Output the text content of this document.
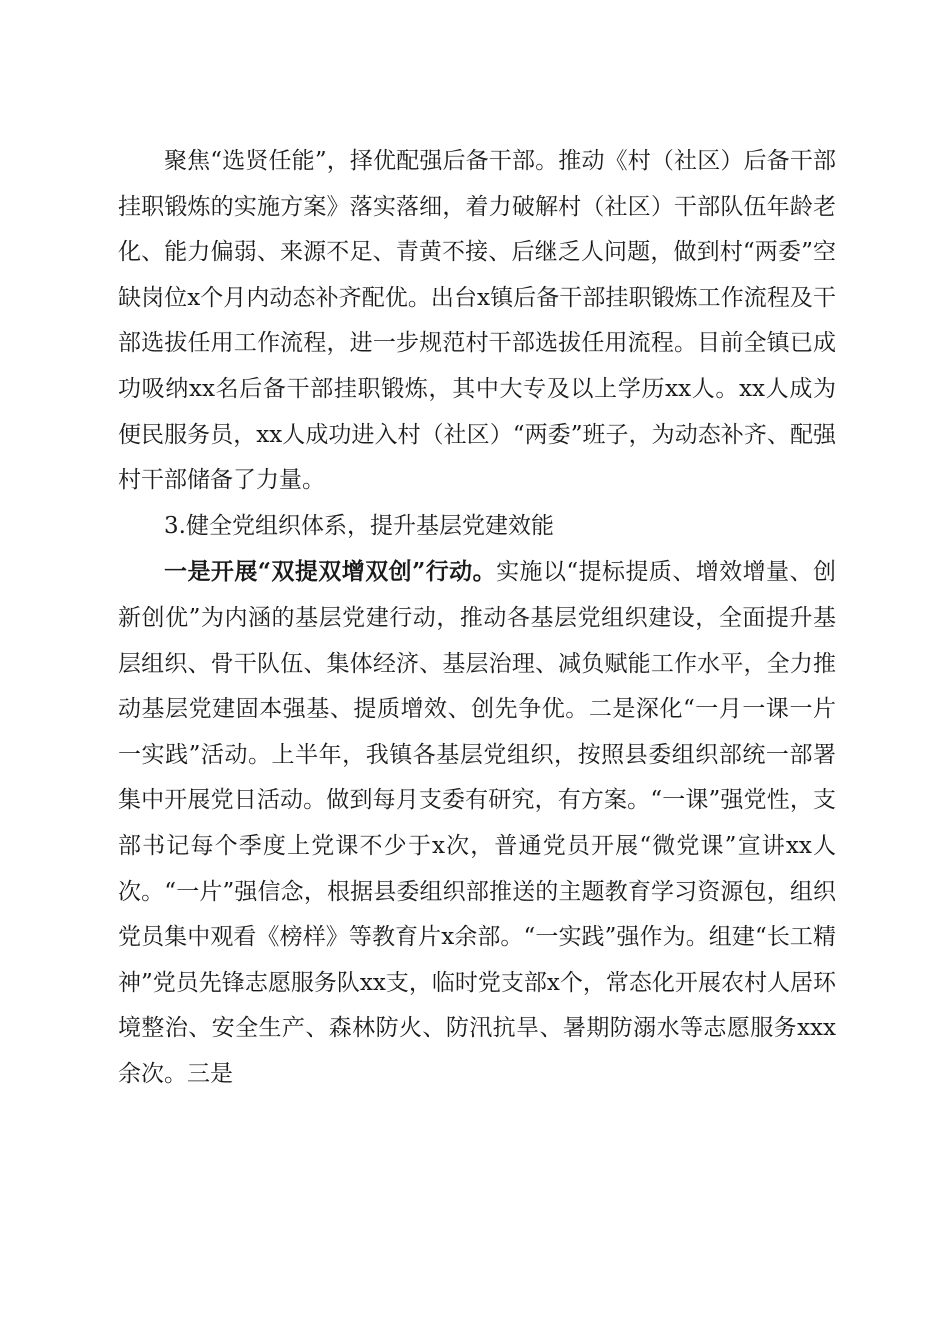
聚焦“选贤任能”，择优配强后备干部。推动《村（社区）后备干部挂职锻炼的实施方案》落实落细，着力破解村（社区）干部队伍年龄老化、能力偏弱、来源不足、青黄不接、后继乏人问题，做到村“两委”空缺岗位x个月内动态补齐配优。出台x镇后备干部挂职锻炼工作流程及干部选拔任用工作流程，进一步规范村干部选拔任用流程。目前全镇已成功吸纳xx名后备干部挂职锻炼，其中大专及以上学历xx人。xx人成为便民服务员，xx人成功进入村（社区）“两委”班子，为动态补齐、配强村干部储备了力量。

3.健全党组织体系，提升基层党建效能

一是开展“双提双增双创”行动。实施以“提标提质、增效增量、创新创优”为内涵的基层党建行动，推动各基层党组织建设，全面提升基层组织、骨干队伍、集体经济、基层治理、减负赋能工作水平，全力推动基层党建固本强基、提质增效、创先争优。二是深化“一月一课一片一实践”活动。上半年，我镇各基层党组织，按照县委组织部统一部署集中开展党日活动。做到每月支委有研究，有方案。“一课”强党性，支部书记每个季度上党课不少于x次，普通党员开展“微党课”宣讲xx人次。“一片”强信念，根据县委组织部推送的主题教育学习资源包，组织党员集中观看《榜样》等教育片x余部。“一实践”强作为。组建“长工精神”党员先锋志愿服务队xx支，临时党支部x个，常态化开展农村人居环境整治、安全生产、森林防火、防汛抗旱、暑期防溺水等志愿服务xxx余次。三是
